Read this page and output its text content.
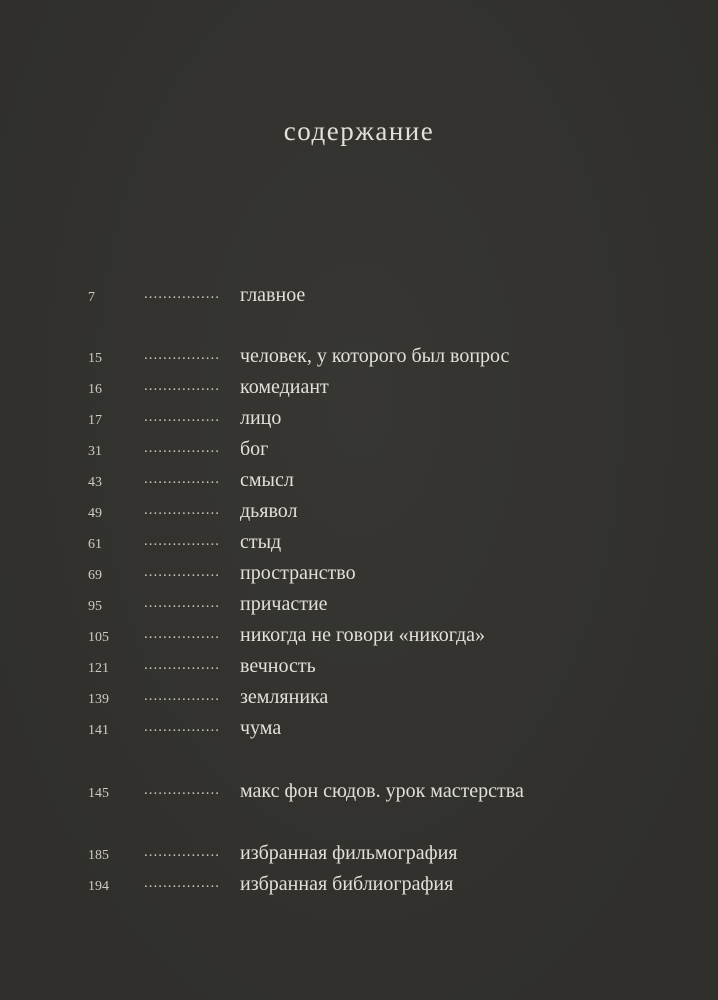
содержание
7	................ главное
15	................ человек, у которого был вопрос
16	................ комедиант
17	................ лицо
31	................ бог
43	................ смысл
49	................ дьявол
61	................ стыд
69	................ пространство
95	................ причастие
105 ................ никогда не говори «никогда»
121 ................ вечность
139 ................ земляника
141 ................ чума
145 ................ макс фон сюдов. урок мастерства
185 ................ избранная фильмография
194 ................ избранная библиография
